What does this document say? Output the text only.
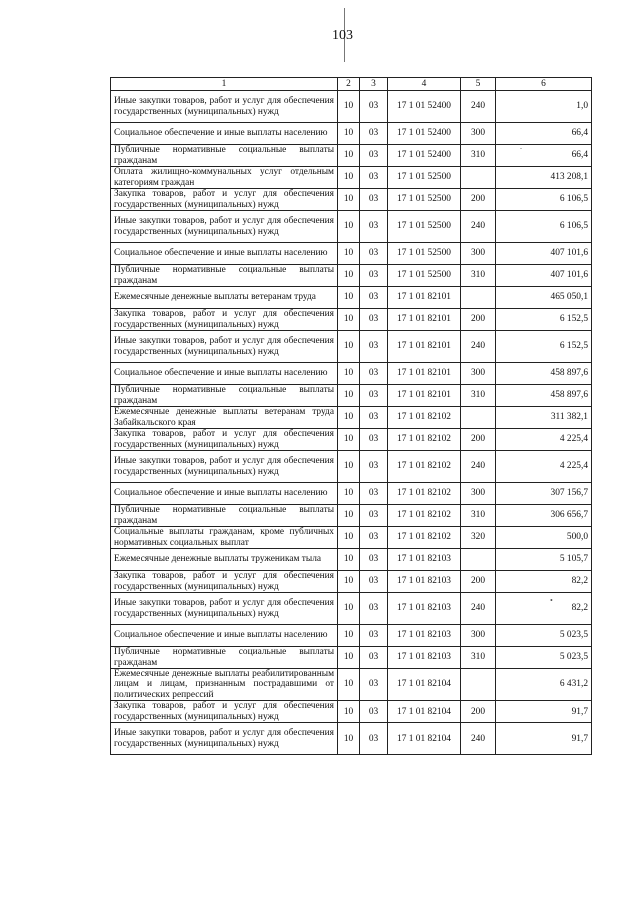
103
.
•
1	2	3	4	5	6
Иные закупки товаров, работ и услуг для обеспечения государственных (муниципальных) нужд	10	03	17 1 01 52400	240	1,0
Социальное обеспечение и иные выплаты населению	10	03	17 1 01 52400	300	66,4
Публичные нормативные социальные выплаты гражданам	10	03	17 1 01 52400	310	66,4
Оплата жилищно-коммунальных услуг отдельным категориям граждан	10	03	17 1 01 52500		413 208,1
Закупка товаров, работ и услуг для обеспечения государственных (муниципальных) нужд	10	03	17 1 01 52500	200	6 106,5
Иные закупки товаров, работ и услуг для обеспечения государственных (муниципальных) нужд	10	03	17 1 01 52500	240	6 106,5
Социальное обеспечение и иные выплаты населению	10	03	17 1 01 52500	300	407 101,6
Публичные нормативные социальные выплаты гражданам	10	03	17 1 01 52500	310	407 101,6
Ежемесячные денежные выплаты ветеранам труда	10	03	17 1 01 82101		465 050,1
Закупка товаров, работ и услуг для обеспечения государственных (муниципальных) нужд	10	03	17 1 01 82101	200	6 152,5
Иные закупки товаров, работ и услуг для обеспечения государственных (муниципальных) нужд	10	03	17 1 01 82101	240	6 152,5
Социальное обеспечение и иные выплаты населению	10	03	17 1 01 82101	300	458 897,6
Публичные нормативные социальные выплаты гражданам	10	03	17 1 01 82101	310	458 897,6
Ежемесячные денежные выплаты ветеранам труда Забайкальского края	10	03	17 1 01 82102		311 382,1
Закупка товаров, работ и услуг для обеспечения государственных (муниципальных) нужд	10	03	17 1 01 82102	200	4 225,4
Иные закупки товаров, работ и услуг для обеспечения государственных (муниципальных) нужд	10	03	17 1 01 82102	240	4 225,4
Социальное обеспечение и иные выплаты населению	10	03	17 1 01 82102	300	307 156,7
Публичные нормативные социальные выплаты гражданам	10	03	17 1 01 82102	310	306 656,7
Социальные выплаты гражданам, кроме публичных нормативных социальных выплат	10	03	17 1 01 82102	320	500,0
Ежемесячные денежные выплаты труженикам тыла	10	03	17 1 01 82103		5 105,7
Закупка товаров, работ и услуг для обеспечения государственных (муниципальных) нужд	10	03	17 1 01 82103	200	82,2
Иные закупки товаров, работ и услуг для обеспечения государственных (муниципальных) нужд	10	03	17 1 01 82103	240	82,2
Социальное обеспечение и иные выплаты населению	10	03	17 1 01 82103	300	5 023,5
Публичные нормативные социальные выплаты гражданам	10	03	17 1 01 82103	310	5 023,5
Ежемесячные денежные выплаты реабилитированным лицам и лицам, признанным пострадавшими от политических репрессий	10	03	17 1 01 82104		6 431,2
Закупка товаров, работ и услуг для обеспечения государственных (муниципальных) нужд	10	03	17 1 01 82104	200	91,7
Иные закупки товаров, работ и услуг для обеспечения государственных (муниципальных) нужд	10	03	17 1 01 82104	240	91,7
